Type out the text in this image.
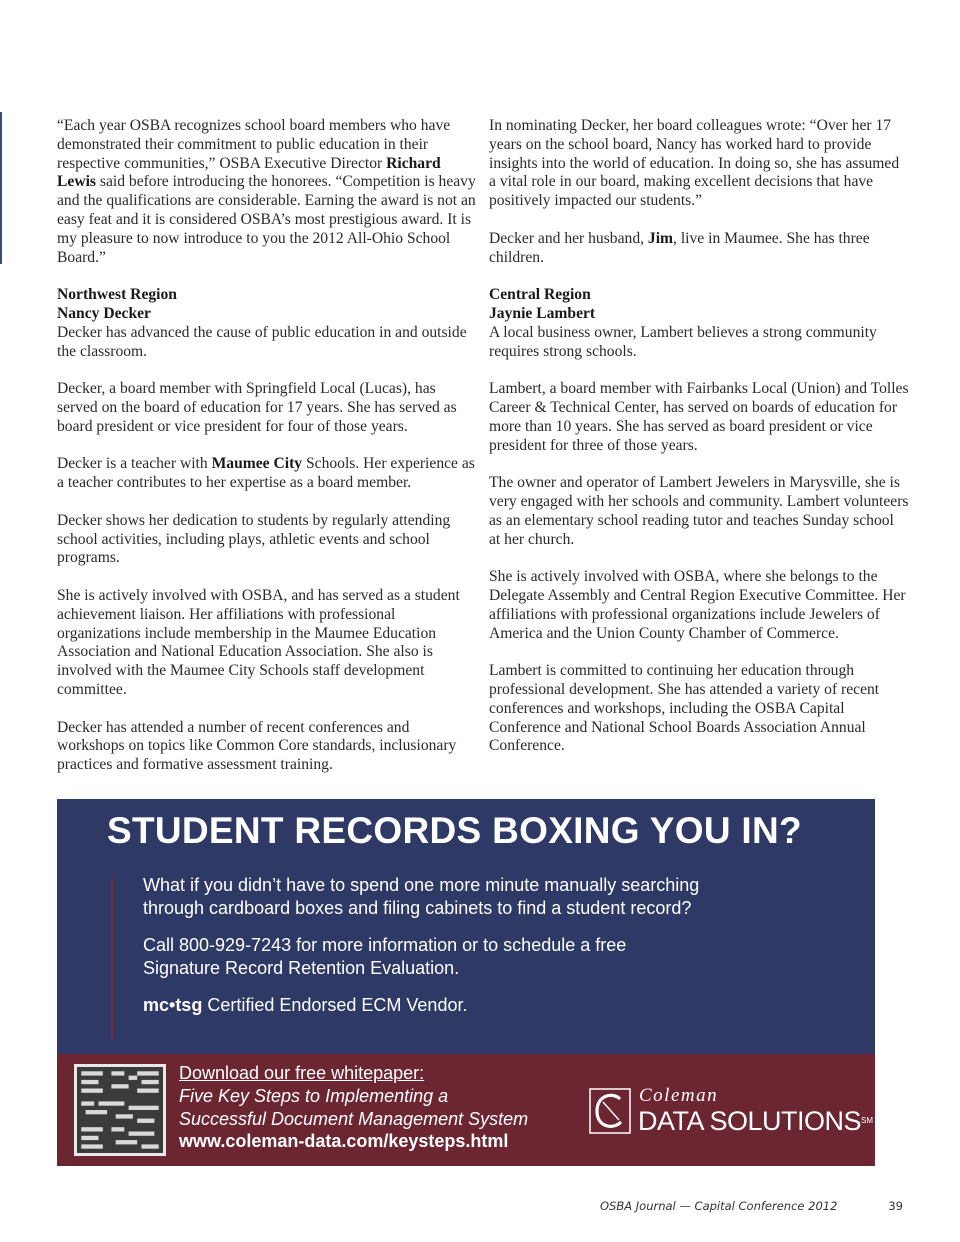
“Each year OSBA recognizes school board members who have demonstrated their commitment to public education in their respective communities,” OSBA Executive Director Richard Lewis said before introducing the honorees. “Competition is heavy and the qualifications are considerable. Earning the award is not an easy feat and it is considered OSBA’s most prestigious award. It is my pleasure to now introduce to you the 2012 All-Ohio School Board.”

Northwest Region
Nancy Decker
Decker has advanced the cause of public education in and outside the classroom.

Decker, a board member with Springfield Local (Lucas), has served on the board of education for 17 years. She has served as board president or vice president for four of those years.

Decker is a teacher with Maumee City Schools. Her experience as a teacher contributes to her expertise as a board member.

Decker shows her dedication to students by regularly attending school activities, including plays, athletic events and school programs.

She is actively involved with OSBA, and has served as a student achievement liaison. Her affiliations with professional organizations include membership in the Maumee Education Association and National Education Association. She also is involved with the Maumee City Schools staff development committee.

Decker has attended a number of recent conferences and workshops on topics like Common Core standards, inclusionary practices and formative assessment training.

In nominating Decker, her board colleagues wrote: “Over her 17 years on the school board, Nancy has worked hard to provide insights into the world of education. In doing so, she has assumed a vital role in our board, making excellent decisions that have positively impacted our students.”

Decker and her husband, Jim, live in Maumee. She has three children.

Central Region
Jaynie Lambert
A local business owner, Lambert believes a strong community requires strong schools.

Lambert, a board member with Fairbanks Local (Union) and Tolles Career & Technical Center, has served on boards of education for more than 10 years. She has served as board president or vice president for three of those years.

The owner and operator of Lambert Jewelers in Marysville, she is very engaged with her schools and community. Lambert volunteers as an elementary school reading tutor and teaches Sunday school at her church.

She is actively involved with OSBA, where she belongs to the Delegate Assembly and Central Region Executive Committee. Her affiliations with professional organizations include Jewelers of America and the Union County Chamber of Commerce.

Lambert is committed to continuing her education through professional development. She has attended a variety of recent conferences and workshops, including the OSBA Capital Conference and National School Boards Association Annual Conference.

STUDENT RECORDS BOXING YOU IN?

What if you didn’t have to spend one more minute manually searching through cardboard boxes and filing cabinets to find a student record?

Call 800-929-7243 for more information or to schedule a free Signature Record Retention Evaluation.

mc•tsg Certified Endorsed ECM Vendor.

Download our free whitepaper:
Five Key Steps to Implementing a
Successful Document Management System
www.coleman-data.com/keysteps.html
Coleman
DATA SOLUTIONS℠
OSBA Journal — Capital Conference 2012	39
